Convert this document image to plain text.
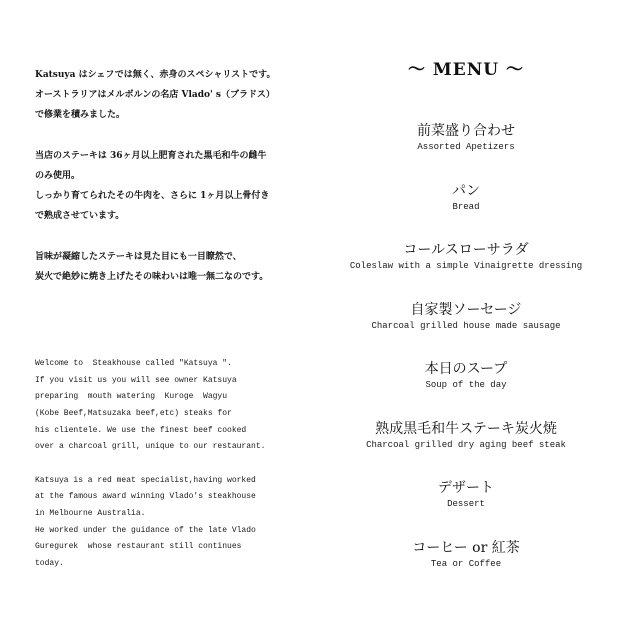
Katsuya はシェフでは無く、赤身のスペシャリストです。
オーストラリアはメルボルンの名店 Vlado' s（ブラドス）
で修業を積みました。
当店のステーキは 36ヶ月以上肥育された黒毛和牛の雌牛
のみ使用。
しっかり育てられたその牛肉を、さらに 1ヶ月以上骨付き
で熟成させています。
旨味が凝縮したステーキは見た目にも一目瞭然で、
炭火で絶妙に焼き上げたその味わいは唯一無二なのです。
Welcome to  Steakhouse called "Katsuya ".
If you visit us you will see owner Katsuya
preparing  mouth watering  Kuroge  Wagyu
(Kobe Beef,Matsuzaka beef,etc) steaks for
his clientele. We use the finest beef cooked
over a charcoal grill, unique to our restaurant.
Katsuya is a red meat specialist,having worked
at the famous award winning Vlado's steakhouse
in Melbourne Australia.
He worked under the guidance of the late Vlado
Guregurek  whose restaurant still continues
today.
～ MENU ～
前菜盛り合わせ
Assorted Apetizers
パン
Bread
コールスローサラダ
Coleslaw with a simple Vinaigrette dressing
自家製ソーセージ
Charcoal grilled house made sausage
本日のスープ
Soup of the day
熟成黒毛和牛ステーキ炭火焼
Charcoal grilled dry aging beef steak
デザート
Dessert
コーヒー or 紅茶
Tea or Coffee
